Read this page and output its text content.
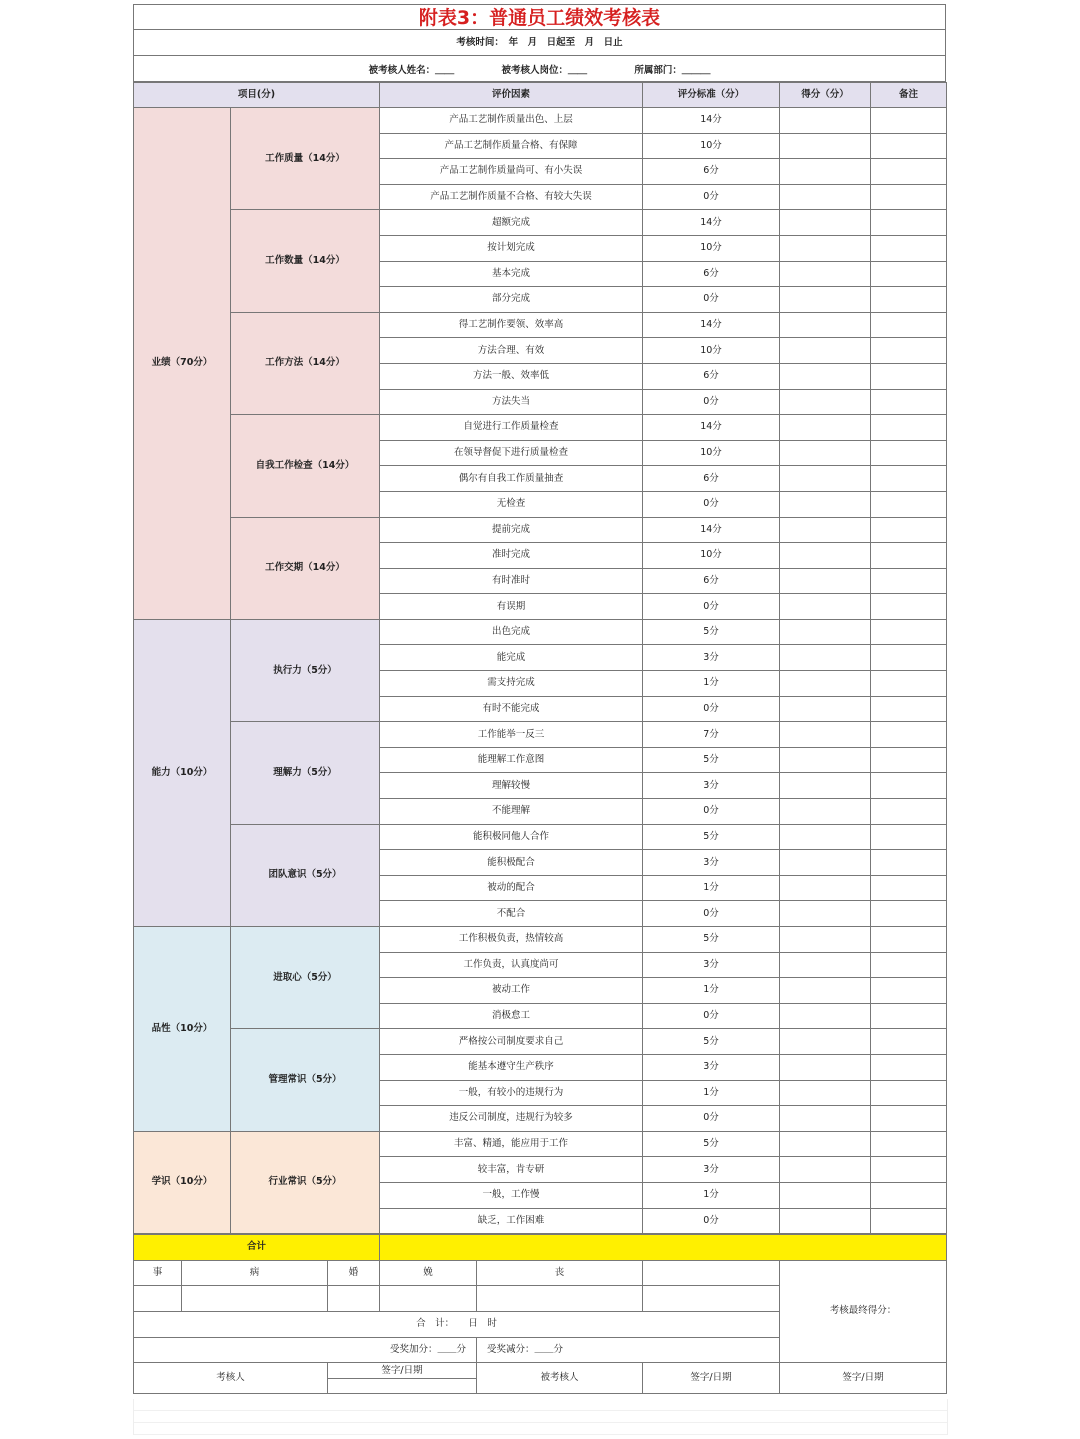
附表3：普通员工绩效考核表
考核时间：　年　月　日起至　月　日止
被考核人姓名：＿＿	被考核人岗位：＿＿	所属部门：＿＿＿
项目(分)		评价因素	评分标准（分）	得分（分）	备注
业绩（70分）	工作质量（14分）	产品工艺制作质量出色、上层	14分		
		产品工艺制作质量合格、有保障	10分		
		产品工艺制作质量尚可、有小失误	6分		
		产品工艺制作质量不合格、有较大失误	0分		
	工作数量（14分）	超额完成	14分		
		按计划完成	10分		
		基本完成	6分		
		部分完成	0分		
	工作方法（14分）	得工艺制作要领、效率高	14分		
		方法合理、有效	10分		
		方法一般、效率低	6分		
		方法失当	0分		
	自我工作检查（14分）	自觉进行工作质量检查	14分		
		在领导督促下进行质量检查	10分		
		偶尔有自我工作质量抽查	6分		
		无检查	0分		
	工作交期（14分）	提前完成	14分		
		准时完成	10分		
		有时准时	6分		
		有误期	0分		
能力（10分）	执行力（5分）	出色完成	5分		
		能完成	3分		
		需支持完成	1分		
		有时不能完成	0分		
	理解力（5分）	工作能举一反三	7分		
		能理解工作意图	5分		
		理解较慢	3分		
		不能理解	0分		
	团队意识（5分）	能积极同他人合作	5分		
		能积极配合	3分		
		被动的配合	1分		
		不配合	0分		
品性（10分）	进取心（5分）	工作积极负责，热情较高	5分		
		工作负责，认真度尚可	3分		
		被动工作	1分		
		消极怠工	0分		
	管理常识（5分）	严格按公司制度要求自己	5分		
		能基本遵守生产秩序	3分		
		一般，有较小的违规行为	1分		
		违反公司制度，违规行为较多	0分		
学识（10分）	行业常识（5分）	丰富、精通，能应用于工作	5分		
		较丰富，肯专研	3分		
		一般，工作慢	1分		
		缺乏，工作困难	0分		
合计						
事	病	婚	娩	丧		考核最终得分：

合　计：　　日　时						
受奖加分：＿＿分				受奖减分：＿＿分		
考核人		签字/日期		被考核人	签字/日期	签字/日期
